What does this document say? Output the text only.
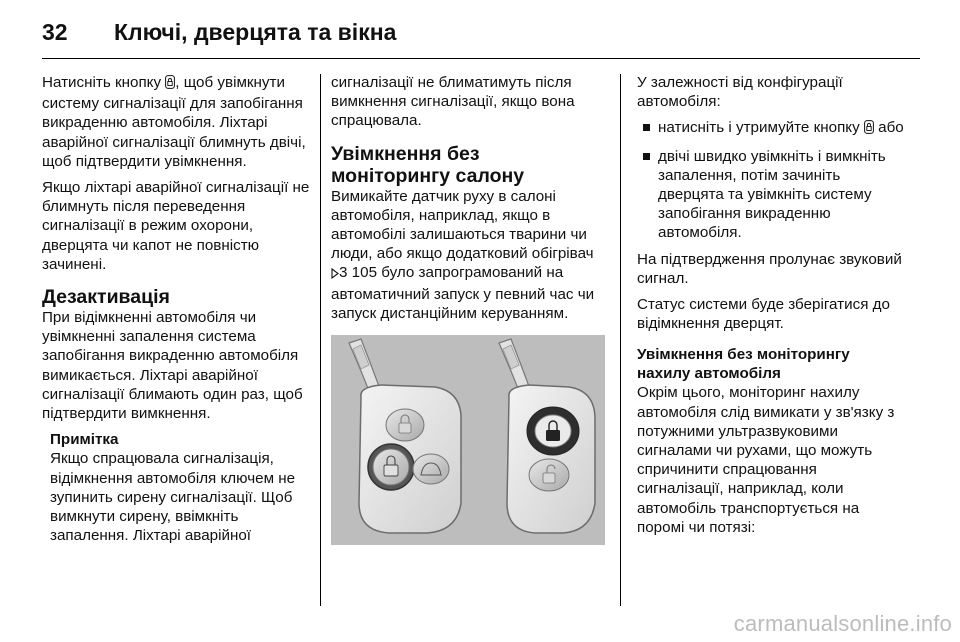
32	Ключі, дверцята та вікна

Натисніть кнопку , щоб увімкнути систему сигналізації для запобігання викраденню автомобіля. Ліхтарі аварійної сигналізації блимнуть двічі, щоб підтвердити увімкнення.

Якщо ліхтарі аварійної сигналізації не блимнуть після переведення сигналізації в режим охорони, дверцята чи капот не повністю зачинені.

Дезактивація

При відімкненні автомобіля чи увімкненні запалення система запобігання викраденню автомобіля вимикається. Ліхтарі аварійної сигналізації блимають один раз, щоб підтвердити вимкнення.

Примітка
Якщо спрацювала сигналізація, відімкнення автомобіля ключем не зупинить сирену сигналізації. Щоб вимкнути сирену, ввімкніть запалення. Ліхтарі аварійної

сигналізації не блиматимуть після вимкнення сигналізації, якщо вона спрацювала.

Увімкнення без моніторингу салону

Вимикайте датчик руху в салоні автомобіля, наприклад, якщо в автомобілі залишаються тварини чи люди, або якщо додатковий обігрівач 3 105 було запрограмований на автоматичний запуск у певний час чи запуск дистанційним керуванням.

У залежності від конфігурації автомобіля:

натисніть і утримуйте кнопку  або
двічі швидко увімкніть і вимкніть запалення, потім зачиніть дверцята та увімкніть систему запобігання викраденню автомобіля.

На підтвердження пролунає звуковий сигнал.

Статус системи буде зберігатися до відімкнення дверцят.

Увімкнення без моніторингу нахилу автомобіля

Окрім цього, моніторинг нахилу автомобіля слід вимикати у зв'язку з потужними ультразвуковими сигналами чи рухами, що можуть спричинити спрацювання сигналізації, наприклад, коли автомобіль транспортується на поромі чи потязі:

carmanualsonline.info
